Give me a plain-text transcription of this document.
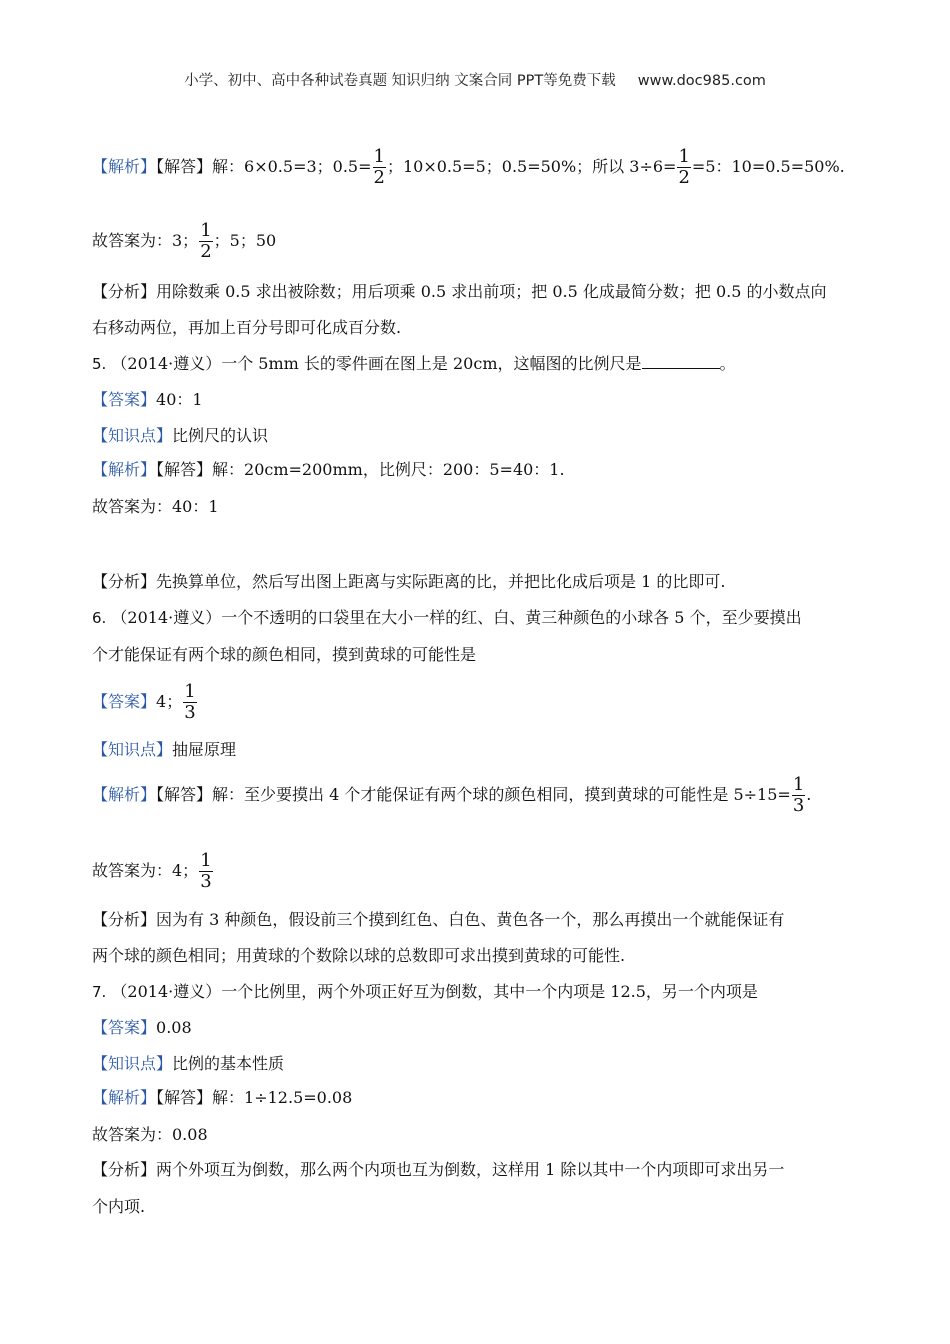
小学、初中、高中各种试卷真题 知识归纳 文案合同 PPT等免费下载 www.doc985.com
【解析】【解答】解：6×0.5=3；$0.5= \frac{1}{2}$ ；10×0.5=5；0.5=50%；所以 $3\div 6= \frac{1}{2} =5$：10=0.5=50%.
故答案为：3； $\frac{1}{2}$ ；5；50
【分析】用除数乘 0.5 求出被除数；用后项乘 0.5 求出前项；把 0.5 化成最简分数；把 0.5 的小数点向
右移动两位，再加上百分号即可化成百分数.
5. （2014·遵义）一个 5mm 长的零件画在图上是 20cm，这幅图的比例尺是	。
【答案】40：1
【知识点】比例尺的认识
【解析】【解答】解：20cm=200mm，比例尺：200：5=40：1.
故答案为：40：1
【分析】先换算单位，然后写出图上距离与实际距离的比，并把比化成后项是 1 的比即可.
6. （2014·遵义）一个不透明的口袋里在大小一样的红、白、黄三种颜色的小球各 5 个，至少要摸出
个才能保证有两个球的颜色相同，摸到黄球的可能性是
【答案】4； $\frac{1}{3}$
【知识点】抽屉原理
【解析】【解答】解：至少要摸出 4 个才能保证有两个球的颜色相同，摸到黄球的可能性是 $5\div 15= \frac{1}{3}$ .
故答案为：4； $\frac{1}{3}$
【分析】因为有 3 种颜色，假设前三个摸到红色、白色、黄色各一个，那么再摸出一个就能保证有
两个球的颜色相同；用黄球的个数除以球的总数即可求出摸到黄球的可能性.
7. （2014·遵义）一个比例里，两个外项正好互为倒数，其中一个内项是 12.5，另一个内项是
【答案】0.08
【知识点】比例的基本性质
【解析】【解答】解：1÷12.5=0.08
故答案为：0.08
【分析】两个外项互为倒数，那么两个内项也互为倒数，这样用 1 除以其中一个内项即可求出另一
个内项.
